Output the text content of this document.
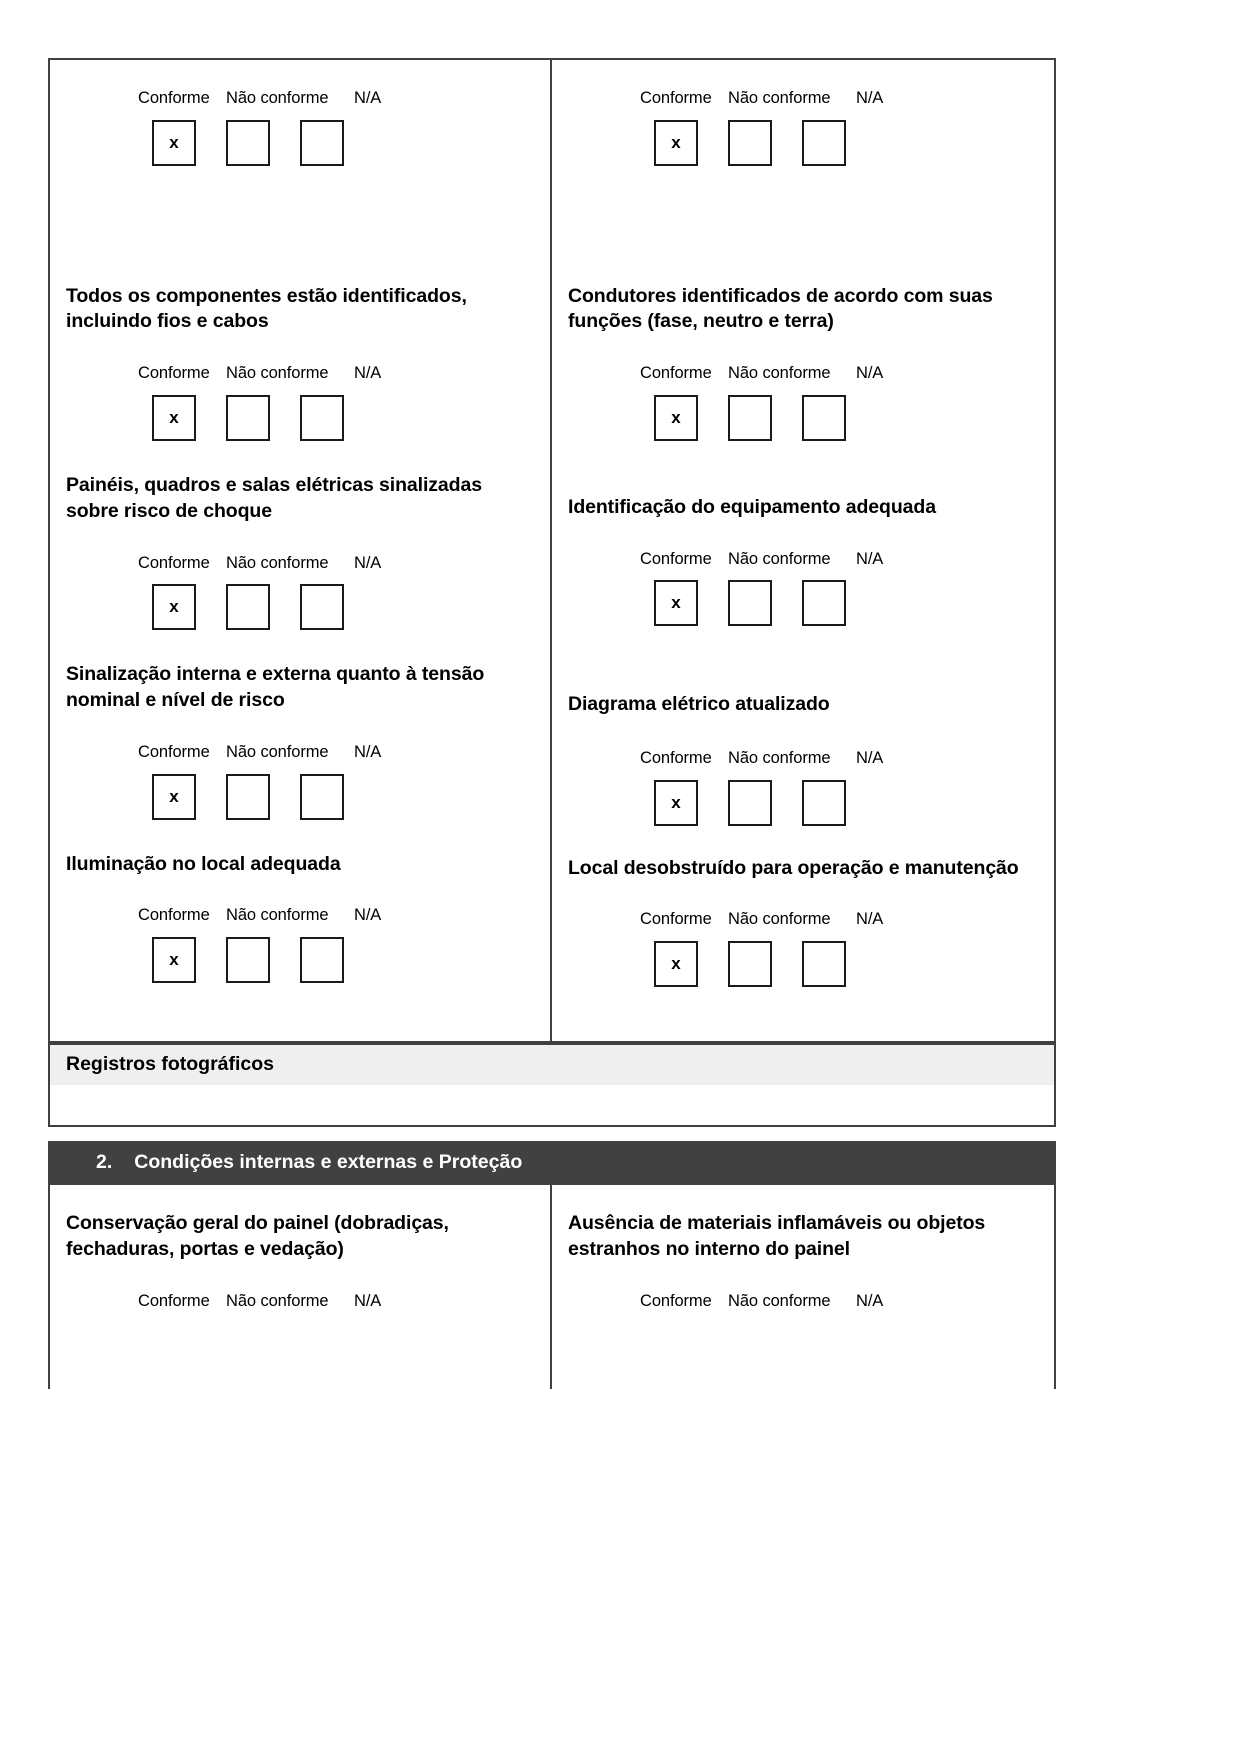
Conforme Não conforme	N/A
x
Conforme Não conforme	N/A
x
Todos os componentes estão identificados, incluindo fios e cabos
Conforme Não conforme	N/A
x
Condutores identificados de acordo com suas funções (fase, neutro e terra)
Conforme Não conforme	N/A
x
Painéis, quadros e salas elétricas sinalizadas sobre risco de choque
Conforme Não conforme	N/A
x
Identificação do equipamento adequada
Conforme Não conforme	N/A
x
Sinalização interna e externa quanto à tensão nominal e nível de risco
Conforme Não conforme	N/A
x
Diagrama elétrico atualizado
Conforme Não conforme	N/A
x
Iluminação no local adequada
Conforme Não conforme	N/A
x
Local desobstruído para operação e manutenção
Conforme Não conforme	N/A
x
Registros fotográficos
2. Condições internas e externas e Proteção
Conservação geral do painel (dobradiças, fechaduras, portas e vedação)
Conforme Não conforme	N/A
Ausência de materiais inflamáveis ou objetos estranhos no interno do painel
Conforme Não conforme	N/A
